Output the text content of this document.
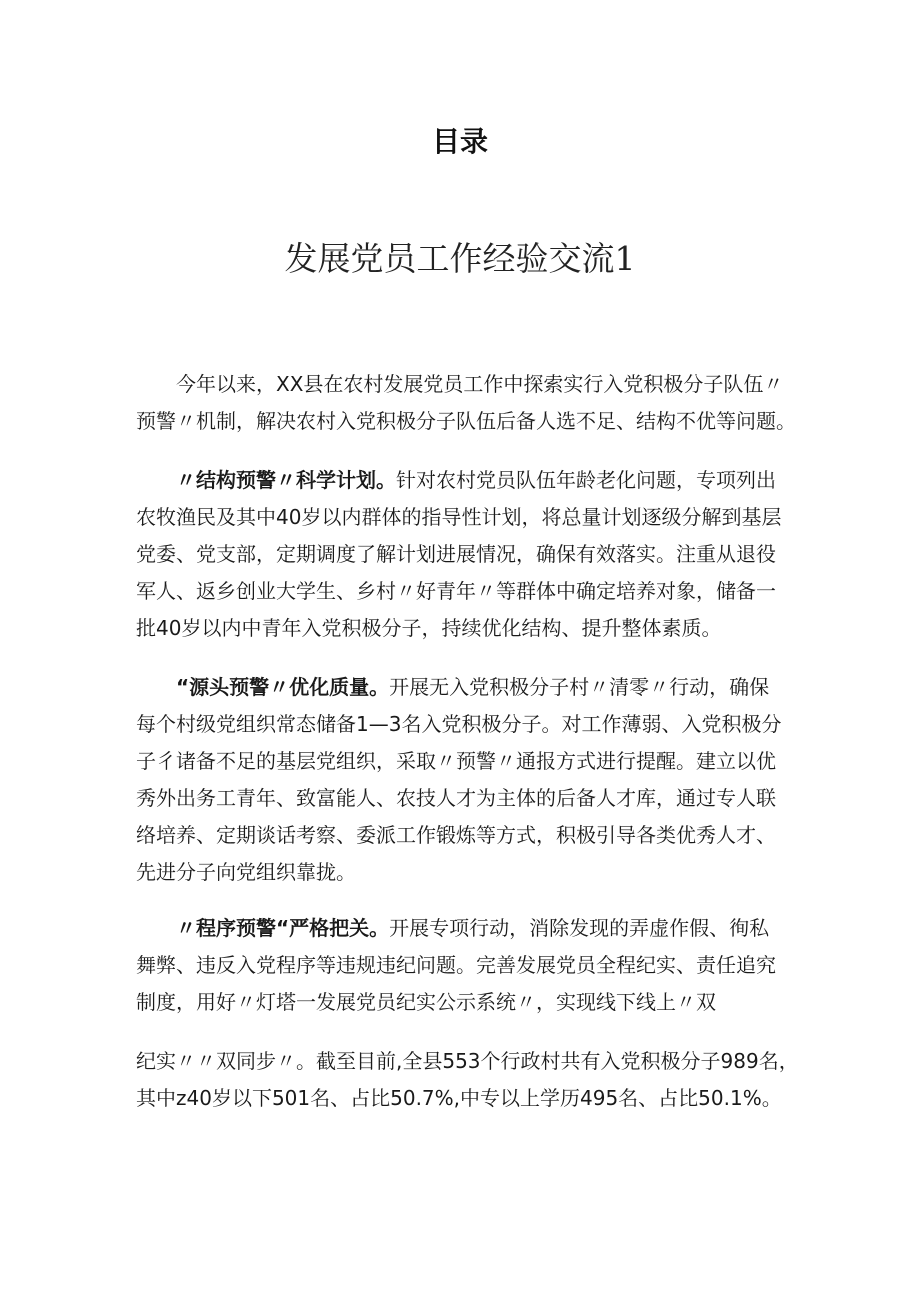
目录
发展党员工作经验交流1
今年以来，XX县在农村发展党员工作中探索实行入党积极分子队伍〃
预警〃机制，解决农村入党积极分子队伍后备人选不足、结构不优等问题。
〃结构预警〃科学计划。针对农村党员队伍年龄老化问题，专项列出
农牧渔民及其中40岁以内群体的指导性计划，将总量计划逐级分解到基层
党委、党支部，定期调度了解计划进展情况，确保有效落实。注重从退役
军人、返乡创业大学生、乡村〃好青年〃等群体中确定培养对象，储备一
批40岁以内中青年入党积极分子，持续优化结构、提升整体素质。
“源头预警〃优化质量。开展无入党积极分子村〃清零〃行动，确保
每个村级党组织常态储备1—3名入党积极分子。对工作薄弱、入党积极分
子彳诸备不足的基层党组织，采取〃预警〃通报方式进行提醒。建立以优
秀外出务工青年、致富能人、农技人才为主体的后备人才库，通过专人联
络培养、定期谈话考察、委派工作锻炼等方式，积极引导各类优秀人才、
先进分子向党组织靠拢。
〃程序预警“严格把关。开展专项行动，消除发现的弄虚作假、徇私
舞弊、违反入党程序等违规违纪问题。完善发展党员全程纪实、责任追究
制度，用好〃灯塔一发展党员纪实公示系统〃，实现线下线上〃双
纪实〃〃双同步〃。截至目前,全县553个行政村共有入党积极分子989名，
其中z40岁以下501名、占比50.7%,中专以上学历495名、占比50.1%。
